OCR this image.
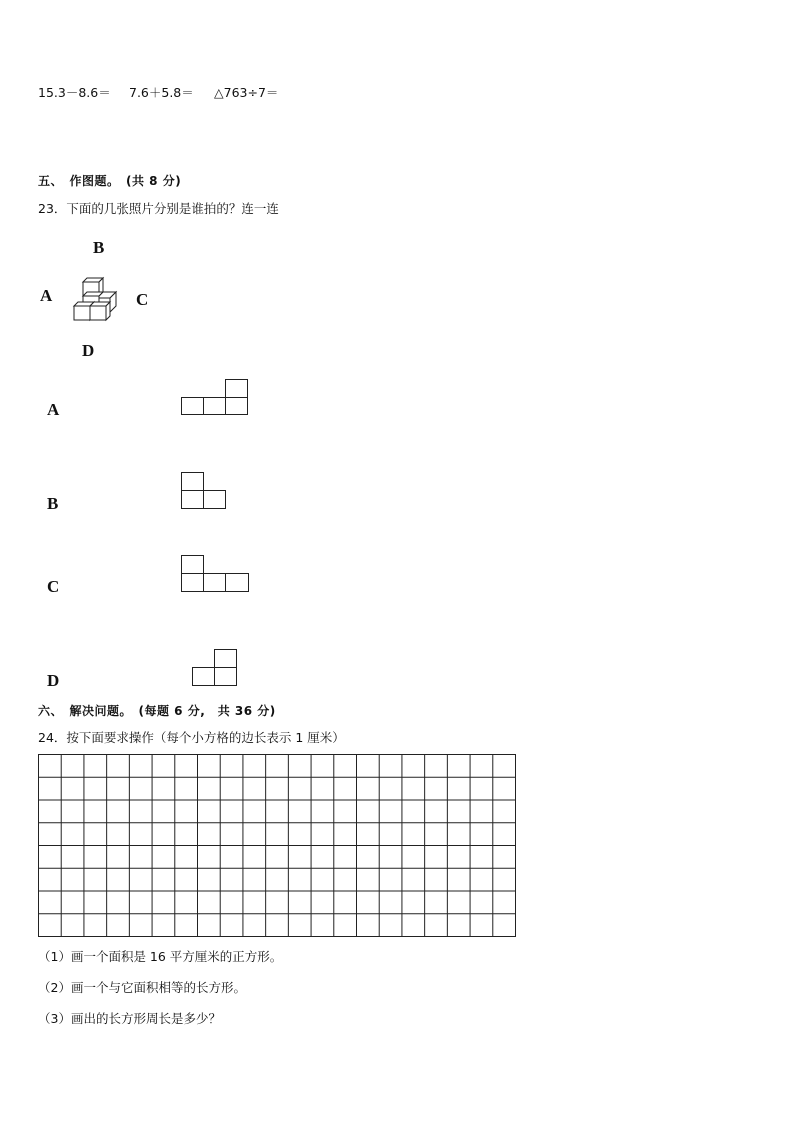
15.3－8.6＝ 7.6＋5.8＝ △763÷7＝
五、　作图题。　(共 8 分)
23．下面的几张照片分别是谁拍的？连一连
B
A	C
D
A
B
C
D
六、　解决问题。　(每题 6 分,　共 36 分)
24．按下面要求操作（每个小方格的边长表示 1 厘米）
（1）画一个面积是 16 平方厘米的正方形。
（2）画一个与它面积相等的长方形。
（3）画出的长方形周长是多少？
